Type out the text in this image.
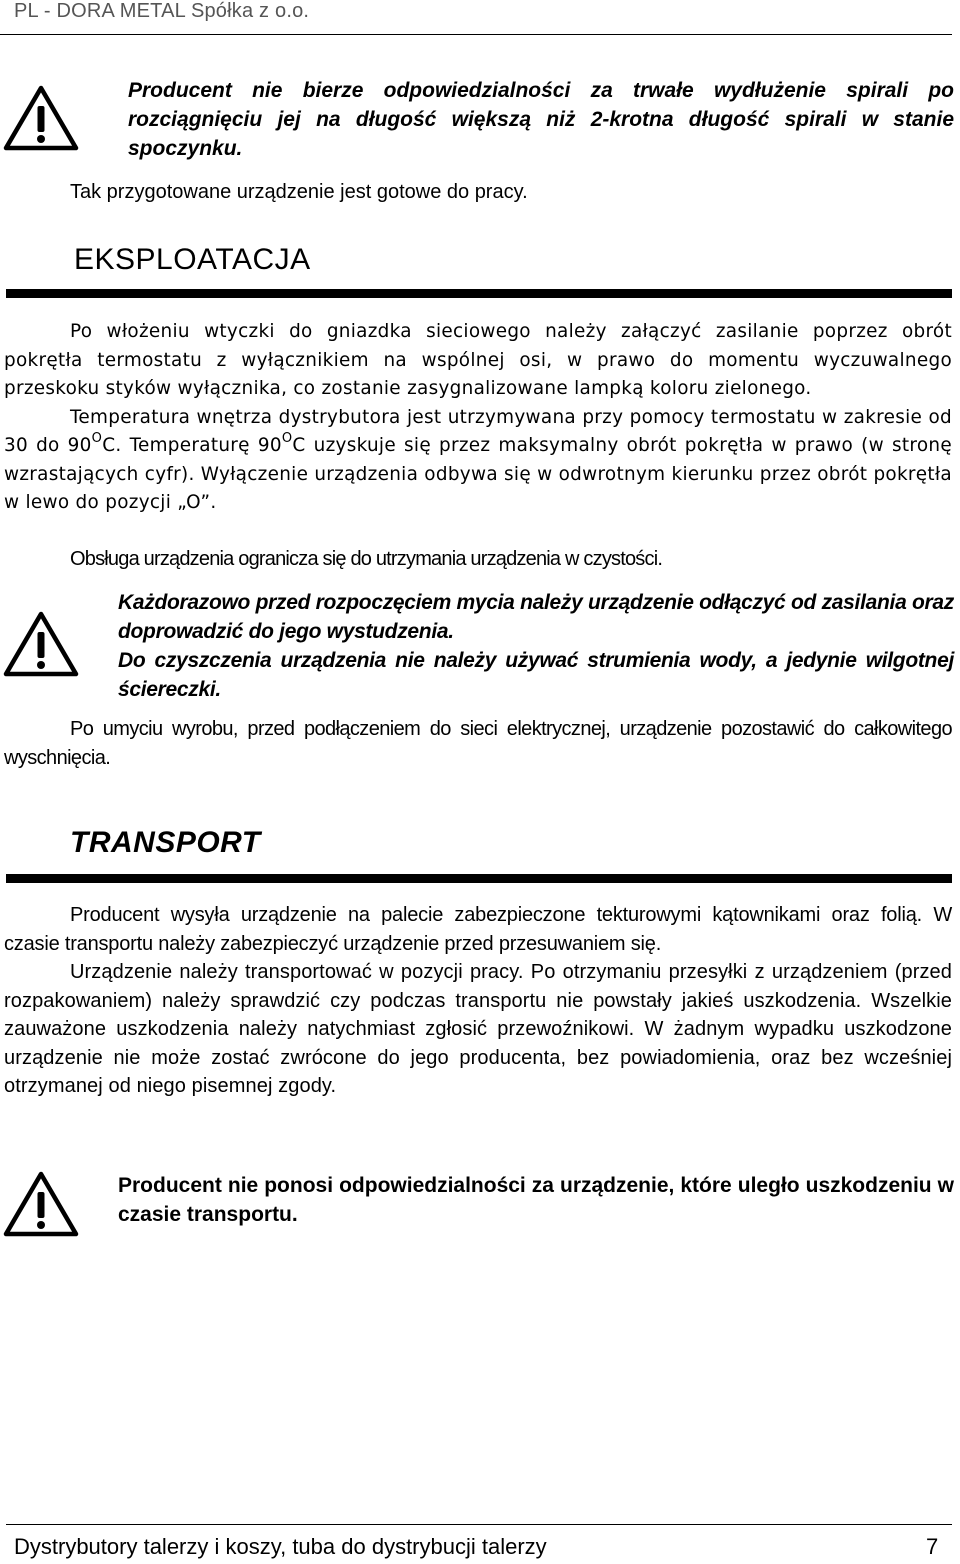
PL - DORA METAL Spółka z o.o.

Producent nie bierze odpowiedzialności za trwałe wydłużenie spirali po rozciągnięciu jej na długość większą niż 2-krotna długość spirali w stanie spoczynku.

Tak przygotowane urządzenie jest gotowe do pracy.

EKSPLOATACJA

Po włożeniu wtyczki do gniazdka sieciowego należy załączyć zasilanie poprzez obrót pokrętła termostatu z wyłącznikiem na wspólnej osi, w prawo do momentu wyczuwalnego przeskoku styków wyłącznika, co zostanie zasygnalizowane lampką koloru zielonego.

Temperatura wnętrza dystrybutora jest utrzymywana przy pomocy termostatu w zakresie od 30 do $90^OC$. Temperaturę $90^OC$ uzyskuje się przez maksymalny obrót pokrętła w prawo (w stronę wzrastających cyfr). Wyłączenie urządzenia odbywa się w odwrotnym kierunku przez obrót pokrętła w lewo do pozycji „O”.

Obsługa urządzenia ogranicza się do utrzymania urządzenia w czystości.

Każdorazowo przed rozpoczęciem mycia należy urządzenie odłączyć od zasilania oraz doprowadzić do jego wystudzenia.

Do czyszczenia urządzenia nie należy używać strumienia wody, a jedynie wilgotnej ściereczki.

Po umyciu wyrobu, przed podłączeniem do sieci elektrycznej, urządzenie pozostawić do całkowitego wyschnięcia.

TRANSPORT

Producent wysyła urządzenie na palecie zabezpieczone tekturowymi kątownikami oraz folią. W czasie transportu należy zabezpieczyć urządzenie przed przesuwaniem się.

Urządzenie należy transportować w pozycji pracy. Po otrzymaniu przesyłki z urządzeniem (przed rozpakowaniem) należy sprawdzić czy podczas transportu nie powstały jakieś uszkodzenia. Wszelkie zauważone uszkodzenia należy natychmiast zgłosić przewoźnikowi. W żadnym wypadku uszkodzone urządzenie nie może zostać zwrócone do jego producenta, bez powiadomienia, oraz bez wcześniej otrzymanej od niego pisemnej zgody.

Producent nie ponosi odpowiedzialności za urządzenie, które uległo uszkodzeniu w czasie transportu.

Dystrybutory talerzy i koszy, tuba do dystrybucji talerzy	7
